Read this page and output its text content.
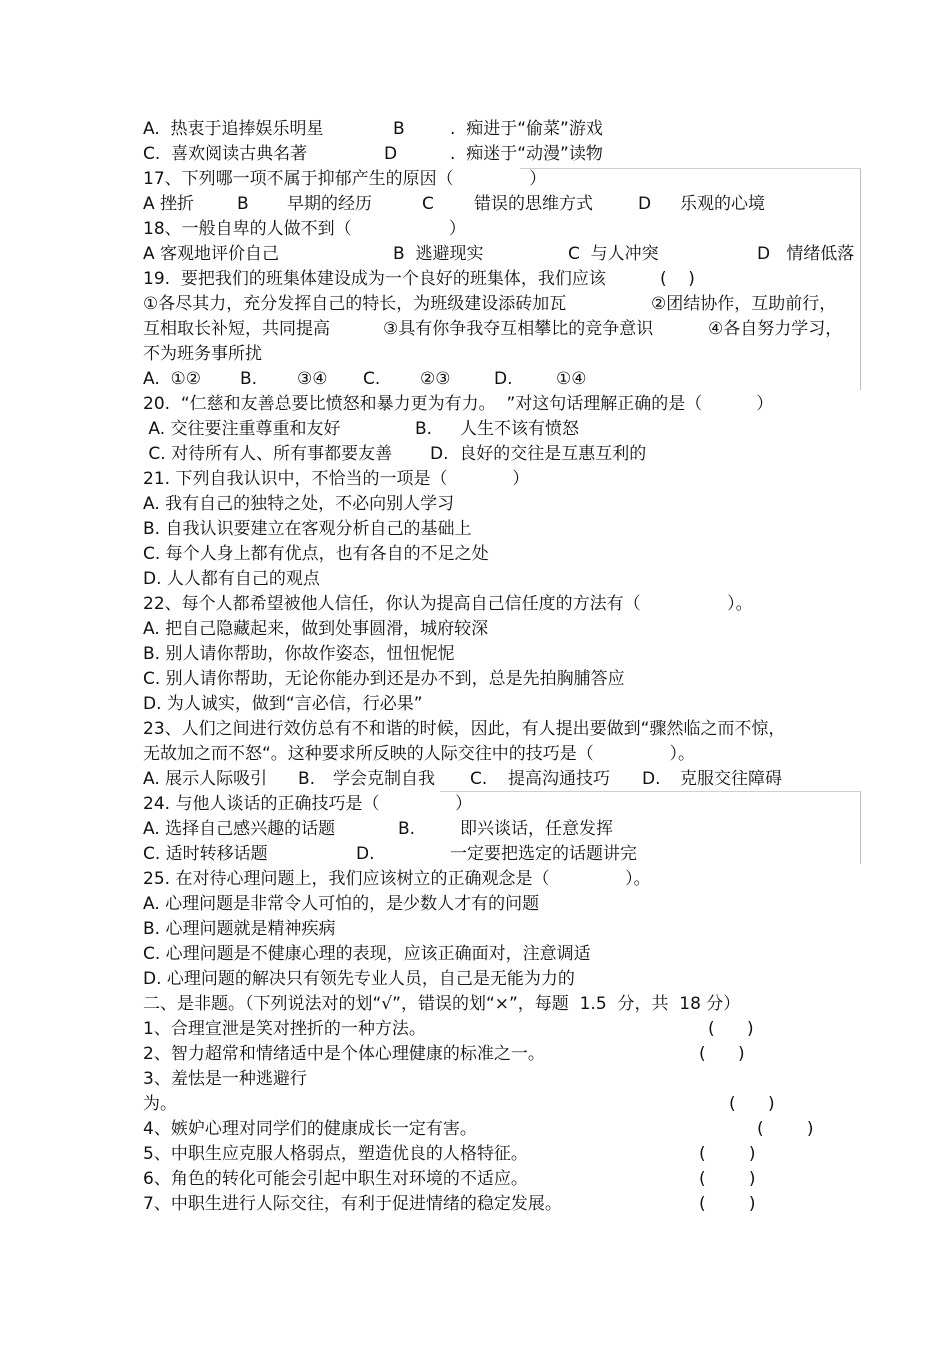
A.  热衷于追捧娱乐明星	B	.  痴进于“偷菜”游戏
C.  喜欢阅读古典名著	D	.  痴迷于“动漫”读物
17、下列哪一项不属于抑郁产生的原因（              ）
A 挫折	B 早期的经历	C 错误的思维方式	D 乐观的心境
18、一般自卑的人做不到（                  ）
A 客观地评价自己	B  逃避现实	C  与人冲突	D   情绪低落
19.  要把我们的班集体建设成为一个良好的班集体，我们应该	(    )
①各尽其力，充分发挥自己的特长，为班级建设添砖加瓦	②团结协作，互助前行，
互相取长补短，共同提高	③具有你争我夺互相攀比的竞争意识	④各自努力学习，
不为班务事所扰
A.  ①② B. ③④ C. ②③	D.	①④
20.  “仁慈和友善总要比愤怒和暴力更为有力。  ”对这句话理解正确的是（          ）
A. 交往要注重尊重和友好	B. 人生不该有愤怒
C. 对待所有人、所有事都要友善 D.  良好的交往是互惠互利的
21. 下列自我认识中，不恰当的一项是（            ）
A. 我有自己的独特之处，不必向别人学习
B. 自我认识要建立在客观分析自己的基础上
C. 每个人身上都有优点，也有各自的不足之处
D. 人人都有自己的观点
22、每个人都希望被他人信任，你认为提高自己信任度的方法有（                ）。
A. 把自己隐藏起来，做到处事圆滑，城府较深
B. 别人请你帮助，你故作姿态，忸忸怩怩
C. 别人请你帮助，无论你能办到还是办不到，总是先拍胸脯答应
D. 为人诚实，做到“言必信，行必果”
23、人们之间进行效仿总有不和谐的时候，因此，有人提出要做到“骤然临之而不惊，
无故加之而不怒“。这种要求所反映的人际交往中的技巧是（              ）。
A. 展示人际吸引 B. 学会克制自我 C. 提高沟通技巧 D. 克服交往障碍
24. 与他人谈话的正确技巧是（              ）
A. 选择自己感兴趣的话题	B.	即兴谈话，任意发挥
C. 适时转移话题	D.	一定要把选定的话题讲完
25. 在对待心理问题上，我们应该树立的正确观念是（              ）。
A. 心理问题是非常令人可怕的，是少数人才有的问题
B. 心理问题就是精神疾病
C. 心理问题是不健康心理的表现，应该正确面对，注意调适
D. 心理问题的解决只有领先专业人员，自己是无能为力的
二、是非题。（下列说法对的划“√”，错误的划“×”，每题  1.5  分，共  18 分）
1、合理宣泄是笑对挫折的一种方法。	(      )
2、智力超常和情绪适中是个体心理健康的标准之一。	(      )
3、羞怯是一种逃避行
为。	(      )
4、嫉妒心理对同学们的健康成长一定有害。	(        )
5、中职生应克服人格弱点，塑造优良的人格特征。	(        )
6、角色的转化可能会引起中职生对环境的不适应。	(        )
7、中职生进行人际交往，有利于促进情绪的稳定发展。	(        )
